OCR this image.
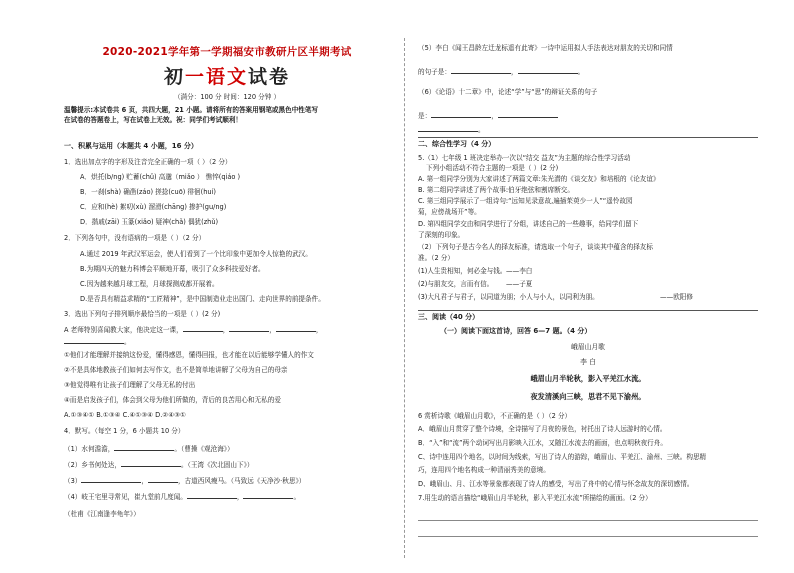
2020-2021学年第一学期福安市教研片区半期考试
初一语文试卷
（满分：100 分 时间：120 分钟 ）
温馨提示:本试卷共 6 页，共四大题，21 小题。请将所有的答案用钢笔或黑色中性笔写
在试卷的答题卷上，写在试卷上无效。祝：同学们考试顺利！
一、积累与运用（本题共 4 小题，16 分）
1．选出加点字的字形及注音完全正确的一项（ ）（2 分）
A．烘托(b/ng) 贮蓄(chǔ) 高邈（miǎo ） 憔悴(qiáo )
B．一刹(shà) 确凿(záo) 搓捻(cuō) 徘徊(huí)
C．应和(hè) 絮叨(xù) 溜滑(chāng) 掺护(gu/ng)
D．揩戚(zāi) 玉篆(xiǎo) 疑神(chǎ) 偶犹(zhǔ)
2．下列各句中，没有语病的一项是（ ）（2 分）
A.通过 2019 年武汉军运会，使人们看到了一个比印象中更加令人惊艳的武汉。
B.为期四天的魅力科博会平顺地开幕，吸引了众多科技爱好者。
C.因为越来越月球工程，月球探测成都开展着。
D.是否具有精益求精的“工匠精神”，是中国制造业走出国门、走向世界的前提条件。
3．选出下列句子排列顺序最恰当的一项是（ ）(2 分)
A 老师特别喜闻教大家，他决定这一课，	，	，	，
。
①他们才能理解并接纳这份爱，懂得感恩，懂得回报，也才能在以后能够学懂人的作文
②不是具体地教孩子们如何去写作文，也不是简单地讲解了父母为自己的母亲
③他觉得唯有让孩子们理解了父母无私的付出
④而是启发孩子们，体会到父母为他们所做的，背后的良苦用心和无私的爱
A.①③④① B.①③④ C.④①③④ D.②④③①
4．默写。（每空 1 分，6 小题共 10 分）
（1）水何澹澹，	。（曹操《观沧海》）
（2）乡书何处达，	。（王湾《次北固山下》）
（3）	，	，古道西风瘦马。（马致远《天净沙·秋思》）
（4）岐王宅里寻常见，崔九堂前几度闻。	，	。
（杜甫《江南逢李龟年》）
（5）李白《闻王昌龄左迁龙标遥有此寄》一诗中运用拟人手法表达对朋友的关切和同情
的句子是：	，	。
（6）《论语》十二章》中，论述“学”与“思”的辩证关系的句子
是：	，
。
二、综合性学习（4 分）
5.（1）七年级 1 班决定举办一次以“结交 益友”为主题的综合性学习活动
下列小组活动不符合主题的一项是（ ）(2 分)
A. 第一组同学分别为大家讲述了两篇文章:朱光潜的《谈交友》和培根的《论友谊》
B. 第二组同学讲述了两个故事:伯牙绝弦和割席断交。
C. 第三组同学展示了一组诗句:“远知见录意故,遍插茱萸少一人”“遥怜故园
菊，应傍战场开”等。
D. 第四组同学交由和同学进行了分组，讲述自己的一些趣事，给同学们留下
了深刻的印象。
（2）下列句子是古今名人的择友标准，请选取一个句子，谈谈其中蕴含的择友标
准。（2 分）
(1)人生贵相知，何必金与钱。 ——李白
(2)与朋友交，言而有信。 ——子夏
(3)大凡君子与君子，以同道为朋；小人与小人，以同利为朋。	——欧阳修
三、阅读（40 分）
（一）阅读下面这首诗，回答 6—7 题。（4 分）
峨眉山月歌
李 白
峨眉山月半轮秋，影入平羌江水流。
夜发清溪向三峡，思君不见下渝州。
6 赏析诗歌《峨眉山月歌》，不正确的是（ ）（2 分）
A．峨眉山月贯穿了整个诗境，全诗描写了月夜的景色，衬托出了诗人远游时的心情。
B．“入”和“流”两个动词写出月影映入江水，又随江水流去的画面，也点明秋夜行舟。
C、诗中连用四个地名，以时间为线索，写出了诗人的游踪，峨眉山、平羌江、渝州、三峡。构思精
巧，连用四个地名构成一种清丽秀美的意境。
D、峨眉山、月、江水等景象都表现了诗人的感受，写出了舟中的心情与怀念故友的深切感情。
7.用生动的语言描绘“峨眉山月半轮秋，影入平羌江水流”所描绘的画面。（2 分）
